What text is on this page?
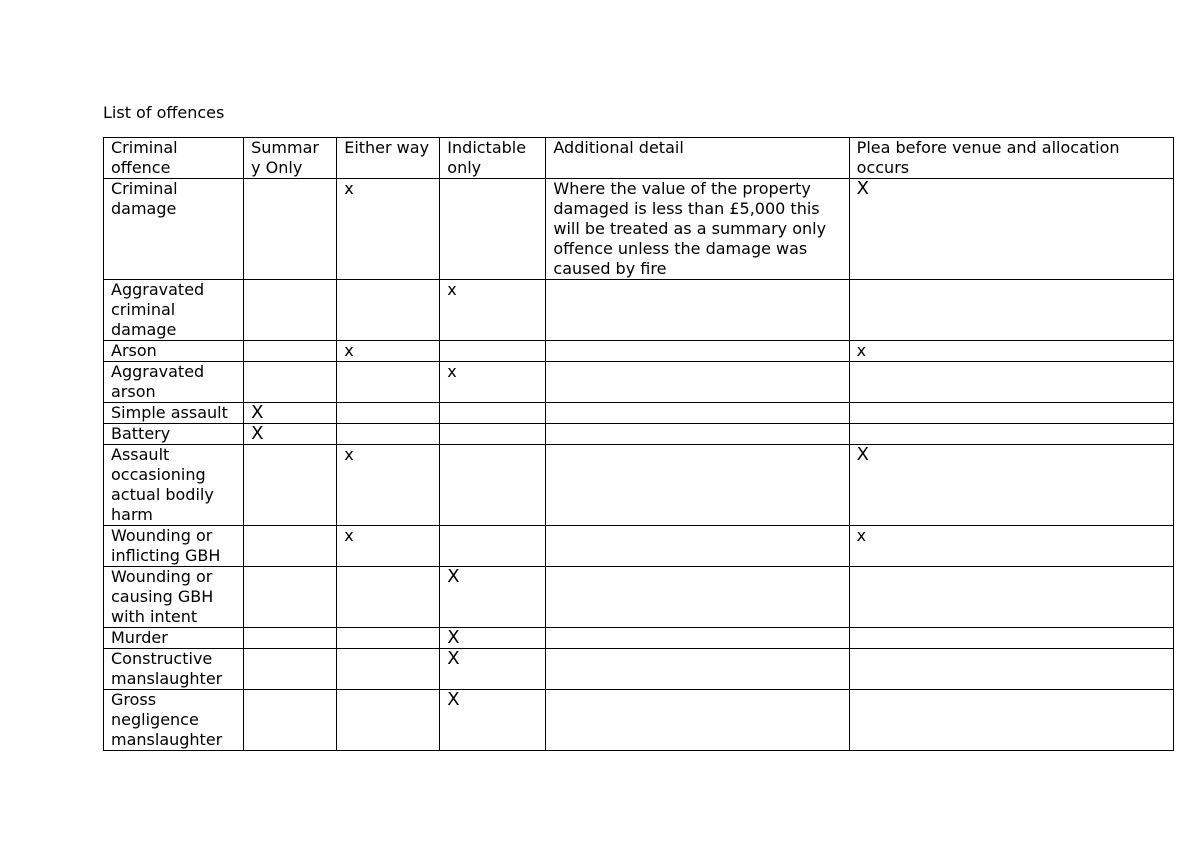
List of offences
Criminal offence	Summar y Only	Either way	Indictable only	Additional detail	Plea before venue and allocation occurs
Criminal damage		x		Where the value of the property damaged is less than £5,000 this will be treated as a summary only offence unless the damage was caused by fire	X
Aggravated criminal damage			x		
Arson		x			x
Aggravated arson			x		
Simple assault	X				
Battery	X				
Assault occasioning actual bodily harm		x			X
Wounding or inflicting GBH		x			x
Wounding or causing GBH with intent			X		
Murder			X		
Constructive manslaughter			X		
Gross negligence manslaughter			X		
